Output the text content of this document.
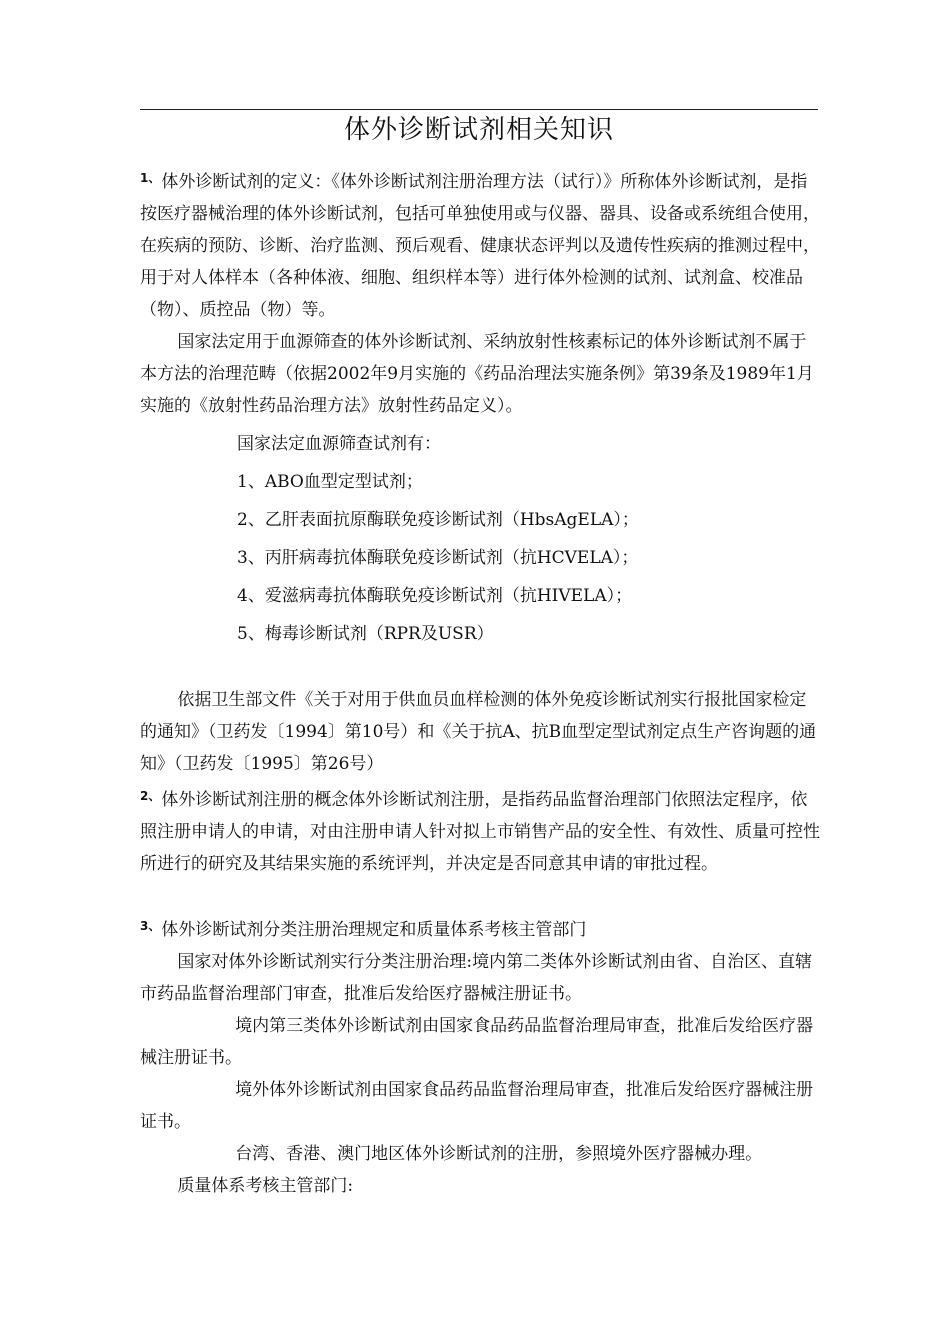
体外诊断试剂相关知识

$^{1、}$体外诊断试剂的定义：《体外诊断试剂注册治理方法（试行）》所称体外诊断试剂，是指按医疗器械治理的体外诊断试剂，包括可单独使用或与仪器、器具、设备或系统组合使用，在疾病的预防、诊断、治疗监测、预后观看、健康状态评判以及遗传性疾病的推测过程中，用于对人体样本（各种体液、细胞、组织样本等）进行体外检测的试剂、试剂盒、校准品（物）、质控品（物）等。

国家法定用于血源筛查的体外诊断试剂、采纳放射性核素标记的体外诊断试剂不属于本方法的治理范畴（依据2002年9月实施的《药品治理法实施条例》第39条及1989年1月实施的《放射性药品治理方法》放射性药品定义）。

国家法定血源筛查试剂有：

1、ABO血型定型试剂；

2、乙肝表面抗原酶联免疫诊断试剂（HbsAgELA）；

3、丙肝病毒抗体酶联免疫诊断试剂（抗HCVELA）；

4、爱滋病毒抗体酶联免疫诊断试剂（抗HIVELA）；

5、梅毒诊断试剂（RPR及USR）

依据卫生部文件《关于对用于供血员血样检测的体外免疫诊断试剂实行报批国家检定的通知》（卫药发〔1994〕第10号）和《关于抗A、抗B血型定型试剂定点生产咨询题的通知》（卫药发〔1995〕第26号）

$^{2、}$体外诊断试剂注册的概念体外诊断试剂注册，是指药品监督治理部门依照法定程序，依照注册申请人的申请，对由注册申请人针对拟上市销售产品的安全性、有效性、质量可控性所进行的研究及其结果实施的系统评判，并决定是否同意其申请的审批过程。

$^{3、}$体外诊断试剂分类注册治理规定和质量体系考核主管部门

国家对体外诊断试剂实行分类注册治理:境内第二类体外诊断试剂由省、自治区、直辖市药品监督治理部门审查，批准后发给医疗器械注册证书。

境内第三类体外诊断试剂由国家食品药品监督治理局审查，批准后发给医疗器械注册证书。

境外体外诊断试剂由国家食品药品监督治理局审查，批准后发给医疗器械注册证书。

台湾、香港、澳门地区体外诊断试剂的注册，参照境外医疗器械办理。

质量体系考核主管部门:
